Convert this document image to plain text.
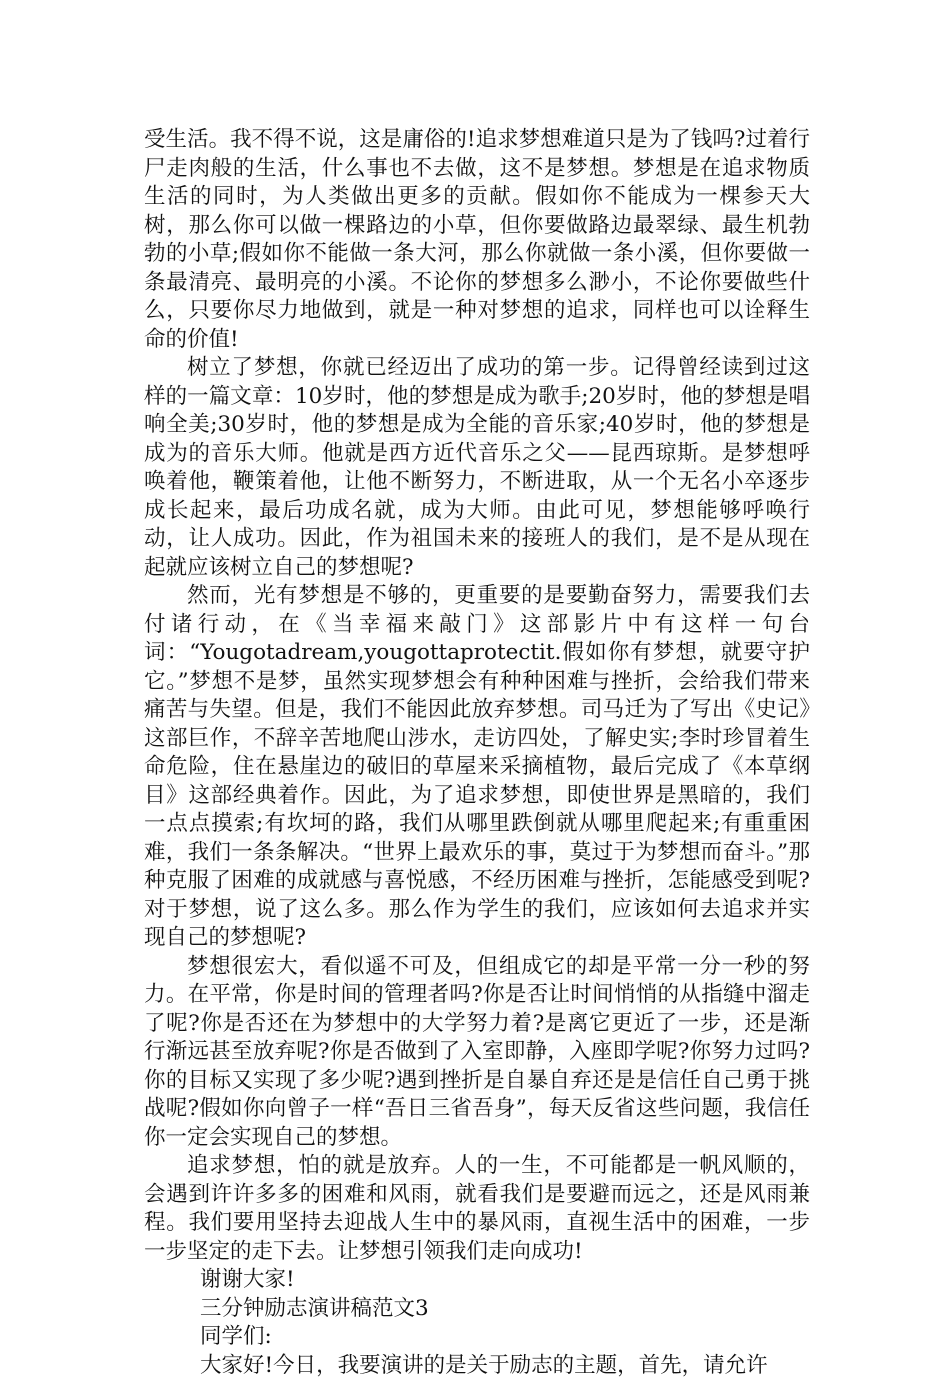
受生活。我不得不说，这是庸俗的!追求梦想难道只是为了钱吗?过着行尸走肉般的生活，什么事也不去做，这不是梦想。梦想是在追求物质生活的同时，为人类做出更多的贡献。假如你不能成为一棵参天大树，那么你可以做一棵路边的小草，但你要做路边最翠绿、最生机勃勃的小草;假如你不能做一条大河，那么你就做一条小溪，但你要做一条最清亮、最明亮的小溪。不论你的梦想多么渺小，不论你要做些什么，只要你尽力地做到，就是一种对梦想的追求，同样也可以诠释生命的价值!

树立了梦想，你就已经迈出了成功的第一步。记得曾经读到过这样的一篇文章：10岁时，他的梦想是成为歌手;20岁时，他的梦想是唱响全美;30岁时，他的梦想是成为全能的音乐家;40岁时，他的梦想是成为的音乐大师。他就是西方近代音乐之父——昆西琼斯。是梦想呼唤着他，鞭策着他，让他不断努力，不断进取，从一个无名小卒逐步成长起来，最后功成名就，成为大师。由此可见，梦想能够呼唤行动，让人成功。因此，作为祖国未来的接班人的我们，是不是从现在起就应该树立自己的梦想呢?

然而，光有梦想是不够的，更重要的是要勤奋努力，需要我们去付诸行动，在《当幸福来敲门》这部影片中有这样一句台词：“Yougotadream,yougottaprotectit.假如你有梦想，就要守护它。”梦想不是梦，虽然实现梦想会有种种困难与挫折，会给我们带来痛苦与失望。但是，我们不能因此放弃梦想。司马迁为了写出《史记》这部巨作，不辞辛苦地爬山涉水，走访四处，了解史实;李时珍冒着生命危险，住在悬崖边的破旧的草屋来采摘植物，最后完成了《本草纲目》这部经典着作。因此，为了追求梦想，即使世界是黑暗的，我们一点点摸索;有坎坷的路，我们从哪里跌倒就从哪里爬起来;有重重困难，我们一条条解决。“世界上最欢乐的事，莫过于为梦想而奋斗。”那种克服了困难的成就感与喜悦感，不经历困难与挫折，怎能感受到呢?对于梦想，说了这么多。那么作为学生的我们，应该如何去追求并实现自己的梦想呢?

梦想很宏大，看似遥不可及，但组成它的却是平常一分一秒的努力。在平常，你是时间的管理者吗?你是否让时间悄悄的从指缝中溜走了呢?你是否还在为梦想中的大学努力着?是离它更近了一步，还是渐行渐远甚至放弃呢?你是否做到了入室即静，入座即学呢?你努力过吗?你的目标又实现了多少呢?遇到挫折是自暴自弃还是是信任自己勇于挑战呢?假如你向曾子一样“吾日三省吾身”，每天反省这些问题，我信任你一定会实现自己的梦想。

追求梦想，怕的就是放弃。人的一生，不可能都是一帆风顺的，会遇到许许多多的困难和风雨，就看我们是要避而远之，还是风雨兼程。我们要用坚持去迎战人生中的暴风雨，直视生活中的困难，一步一步坚定的走下去。让梦想引领我们走向成功!

谢谢大家!

三分钟励志演讲稿范文3

同学们:

大家好!今日，我要演讲的是关于励志的主题，首先，请允许
